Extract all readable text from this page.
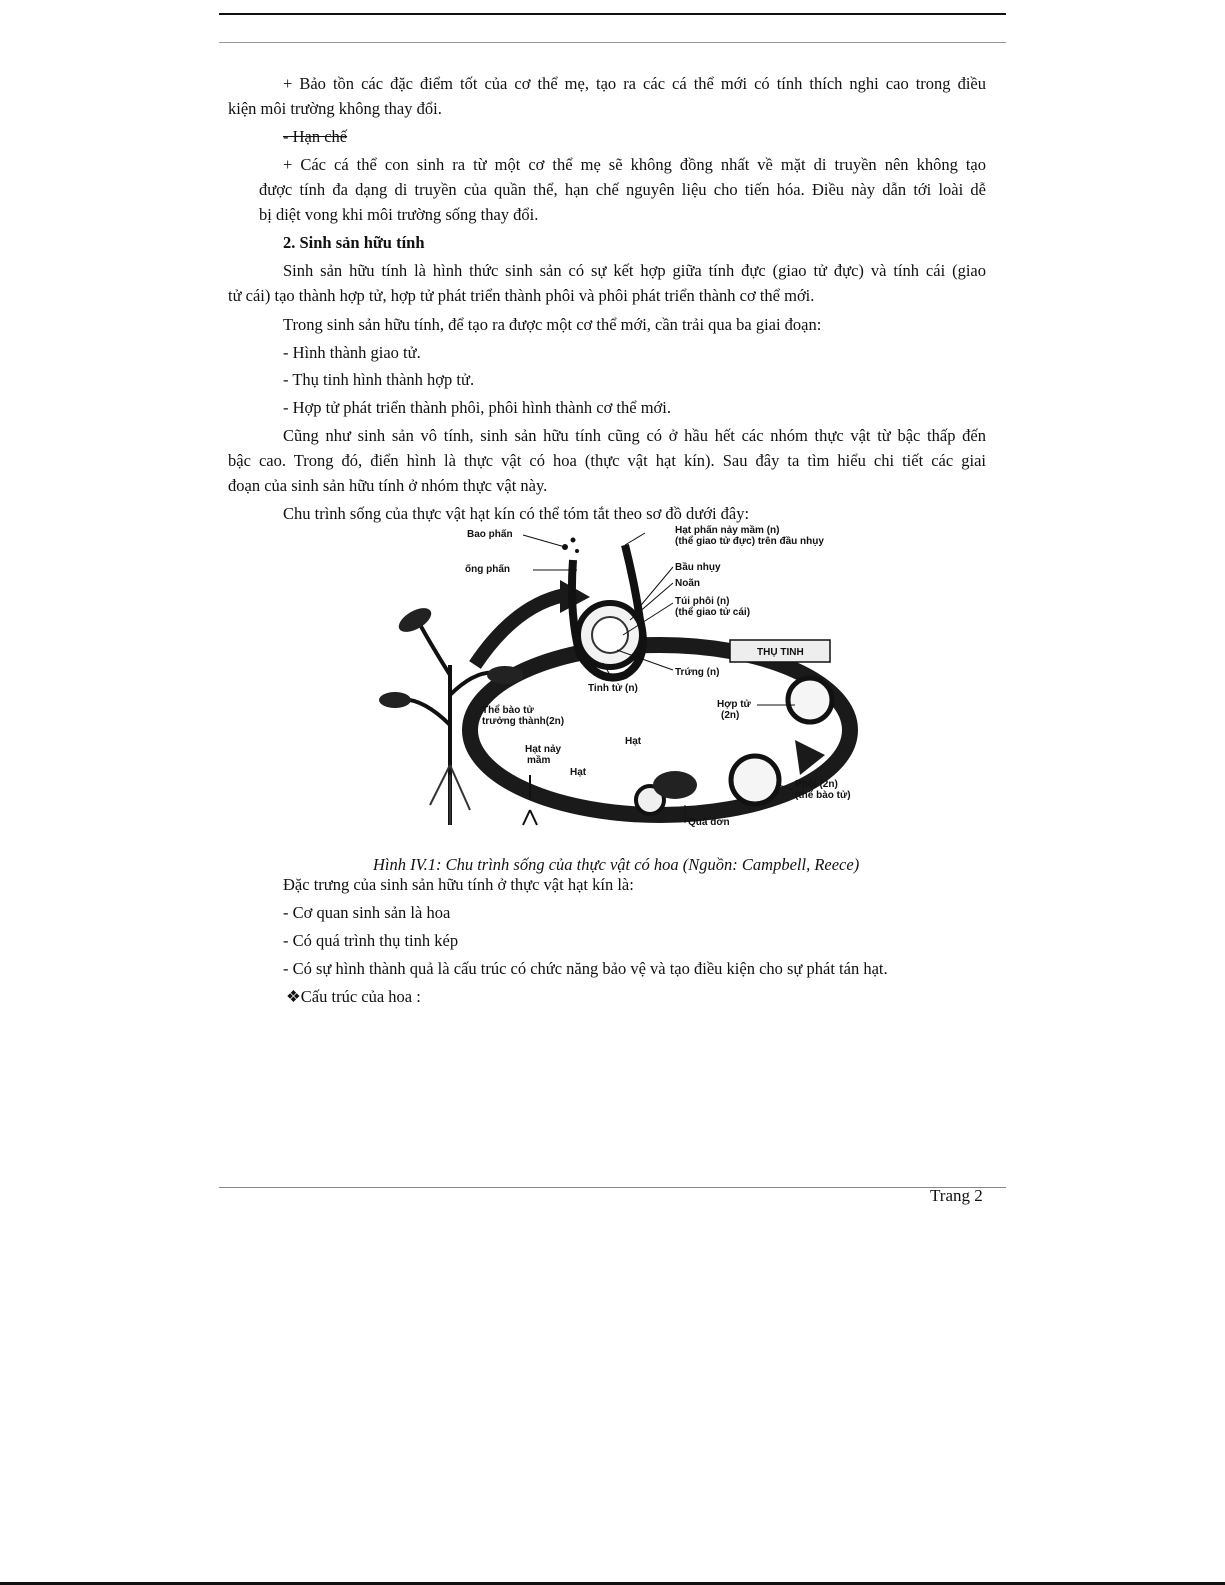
+ Bảo tồn các đặc điểm tốt của cơ thể mẹ, tạo ra các cá thể mới có tính thích nghi cao trong điều
kiện môi trường không thay đổi.
- Hạn chế
+ Các cá thể con sinh ra từ một cơ thể mẹ sẽ không đồng nhất về mặt di truyền nên không tạo
được tính đa dạng di truyền của quần thể, hạn chế nguyên liệu cho tiến hóa. Điều này dẫn tới loài dễ
bị diệt vong khi môi trường sống thay đổi.
2. Sinh sản hữu tính
Sinh sản hữu tính là hình thức sinh sản có sự kết hợp giữa tính đực (giao tử đực) và tính cái (giao
tử cái) tạo thành hợp tử, hợp tử phát triển thành phôi và phôi phát triển thành cơ thể mới.
Trong sinh sản hữu tính, để tạo ra được một cơ thể mới, cần trải qua ba giai đoạn:
- Hình thành giao tử.
- Thụ tinh hình thành hợp tử.
- Hợp tử phát triển thành phôi, phôi hình thành cơ thể mới.
Cũng như sinh sản vô tính, sinh sản hữu tính cũng có ở hầu hết các nhóm thực vật từ bậc thấp đến
bậc cao. Trong đó, điển hình là thực vật có hoa (thực vật hạt kín). Sau đây ta tìm hiểu chi tiết các giai
đoạn của sinh sản hữu tính ở nhóm thực vật này.
Chu trình sống của thực vật hạt kín có thể tóm tắt theo sơ đồ dưới đây:
Bao phấn
ống phấn
Hạt phấn nảy mầm (n)
(thể giao tử đực) trên đầu nhụy
Bầu nhụy
Noãn
Túi phôi (n)
(thể giao tử cái)
THỤ TINH
Trứng (n)
Tinh tử (n)
Hợp tử
(2n)
Thể bào tử
trưởng thành(2n)
Hạt nảy
mầm
Hạt
Hạt
Phôi (2n)
(thể bào tử)
Quả đơn
Hình IV.1: Chu trình sống của thực vật có hoa (Nguồn: Campbell, Reece)
Đặc trưng của sinh sản hữu tính ở thực vật hạt kín là:
- Cơ quan sinh sản là hoa
- Có quá trình thụ tinh kép
- Có sự hình thành quả là cấu trúc có chức năng bảo vệ và tạo điều kiện cho sự phát tán hạt.
❖Cấu trúc của hoa :
Trang 2
